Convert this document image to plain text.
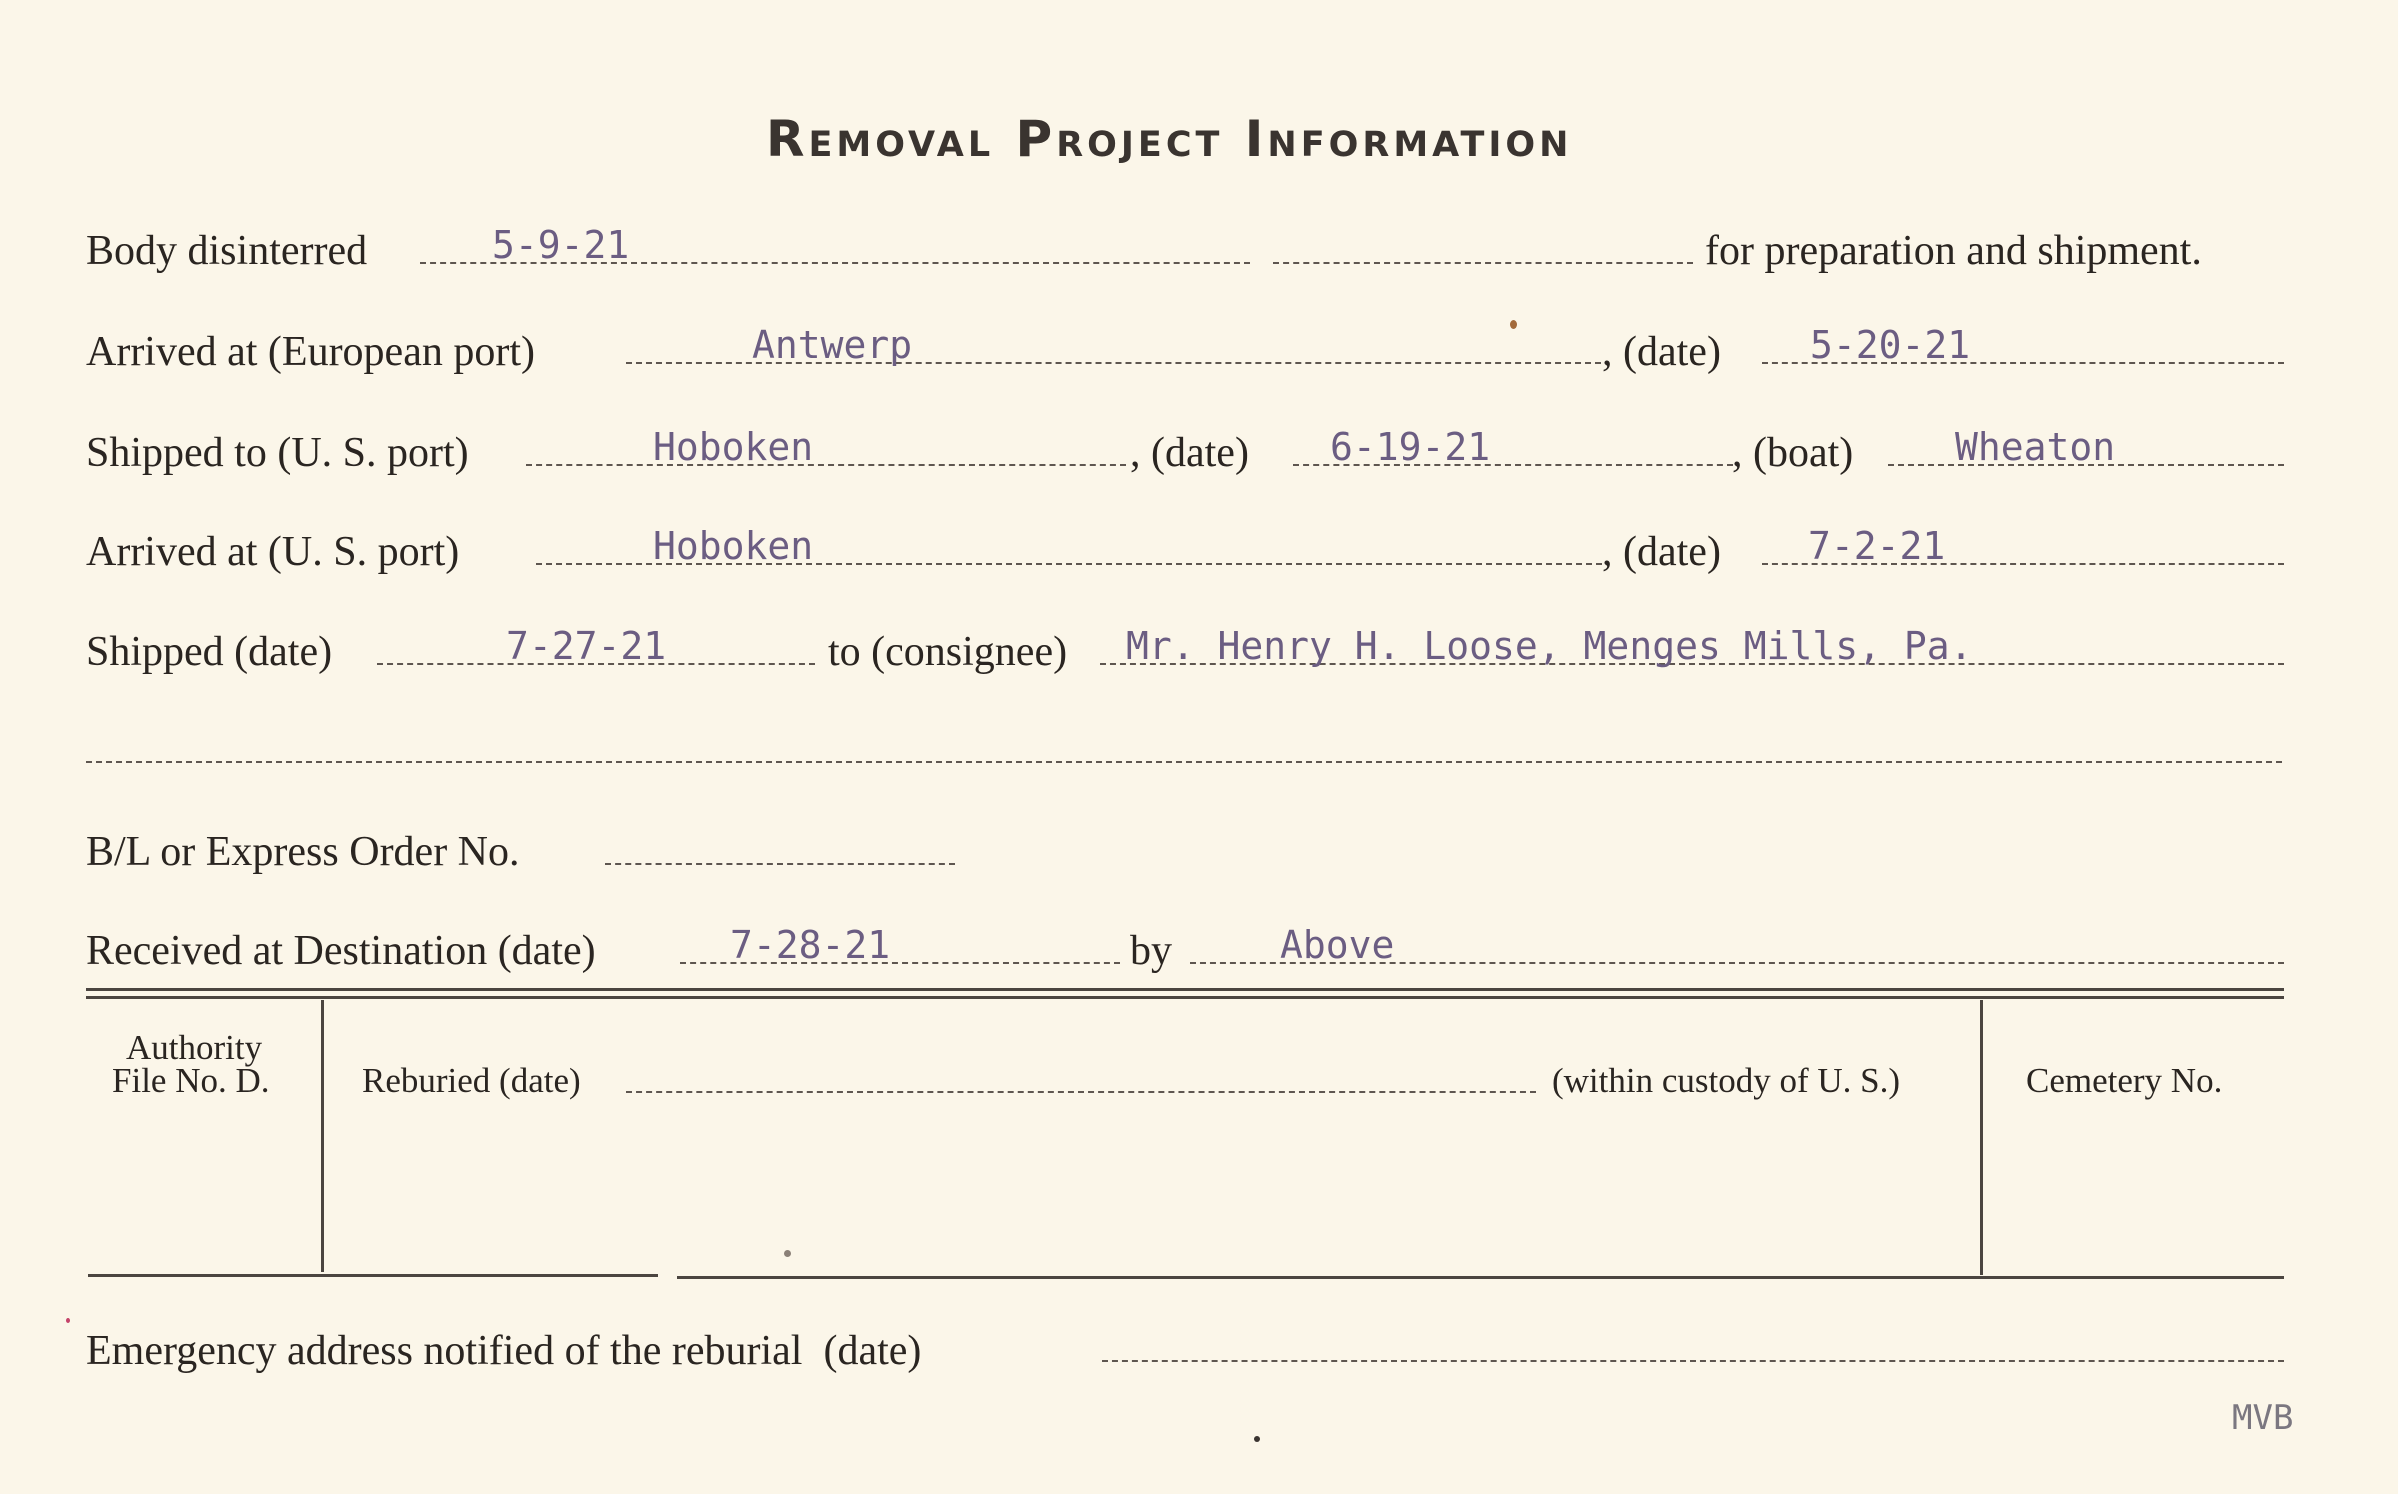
Removal Project Information
Body disinterred	5-9-21	for preparation and shipment.
Arrived at (European port)	Antwerp	, (date) 5-20-21
Shipped to (U. S. port)	Hoboken	, (date) 6-19-21	, (boat)	Wheaton
Arrived at (U. S. port)	Hoboken	, (date) 7-2-21
Shipped (date)	7-27-21	to (consignee) Mr. Henry H. Loose, Menges Mills, Pa.
B/L or Express Order No.
Received at Destination (date)	7-28-21	by	Above
Authority
File No. D.	Reburied (date)	(within custody of U. S.)	Cemetery No.
Emergency address notified of the reburial  (date)
MVB
